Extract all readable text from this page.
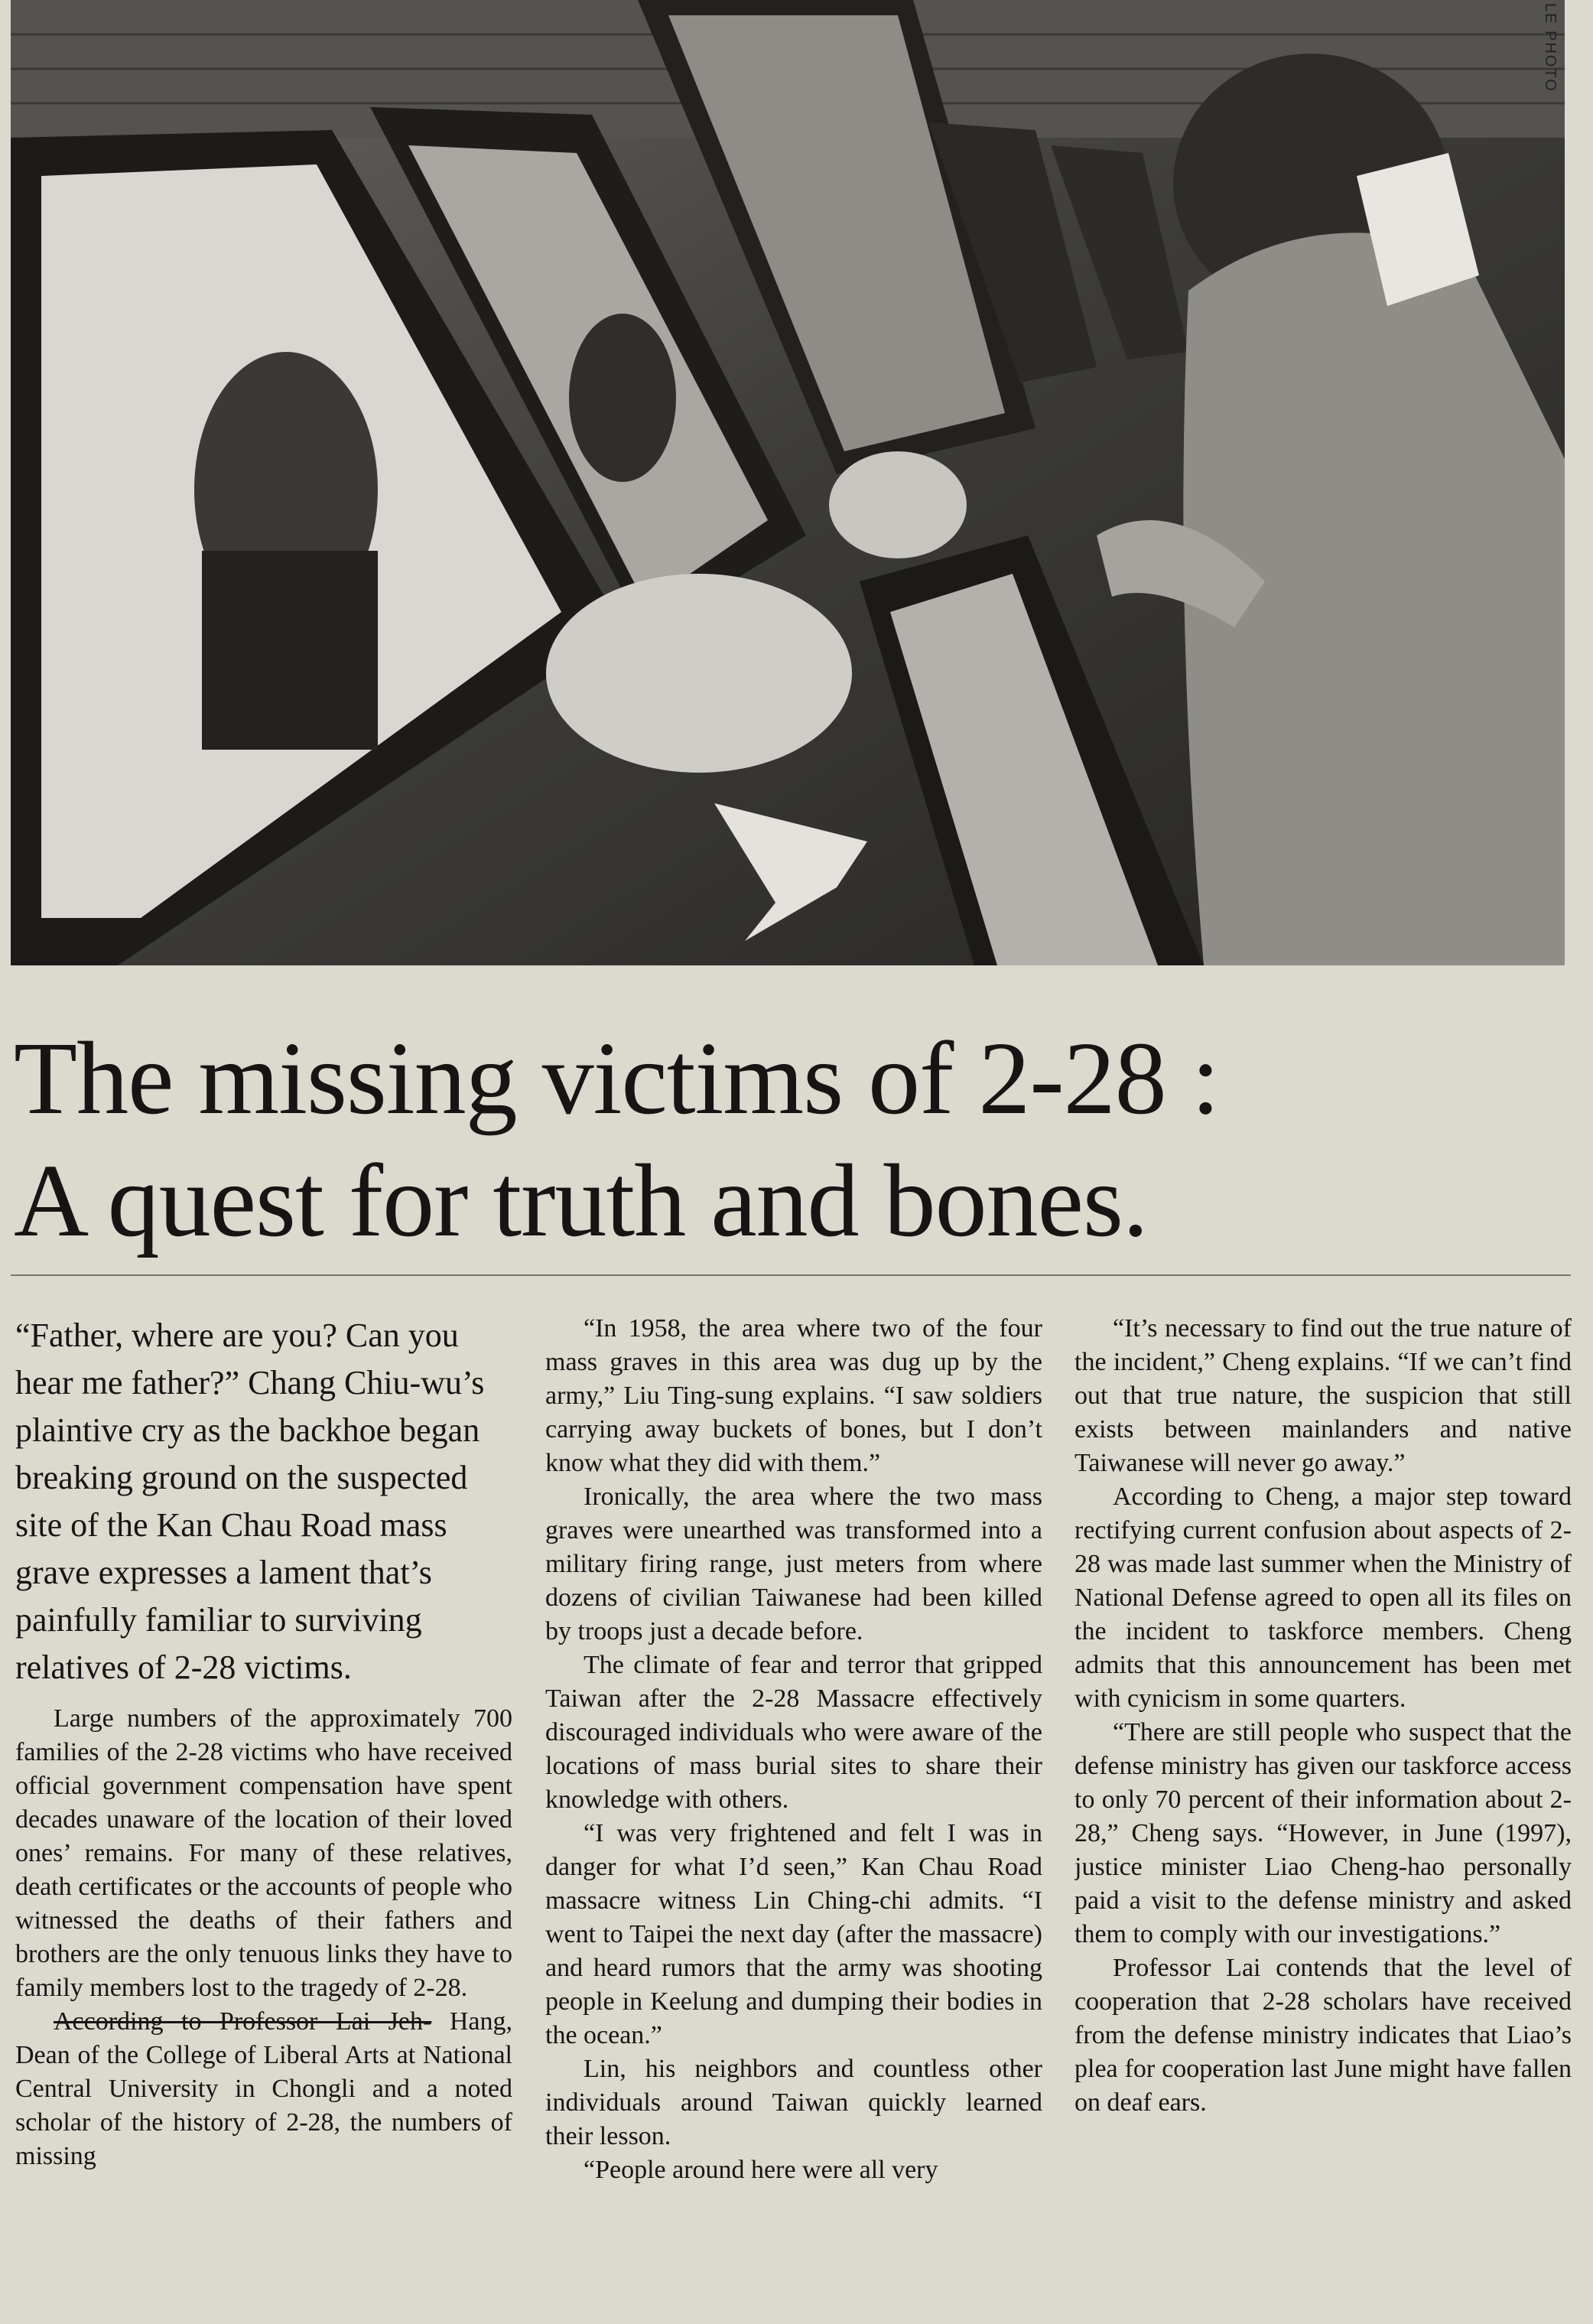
LE PHOTO
The missing victims of 2-28 :
A quest for truth and bones.

“Father, where are you? Can you hear me father?” Chang Chiu-wu’s plaintive cry as the backhoe began breaking ground on the suspected site of the Kan Chau Road mass grave expresses a lament that’s painfully familiar to surviving relatives of 2-28 victims.

Large numbers of the approximately 700 families of the 2-28 victims who have received official government compensation have spent decades unaware of the location of their loved ones’ remains. For many of these relatives, death certificates or the accounts of people who witnessed the deaths of their fathers and brothers are the only tenuous links they have to family members lost to the tragedy of 2-28.

According to Professor Lai Jeh- Hang, Dean of the College of Liberal Arts at National Central University in Chongli and a noted scholar of the history of 2-28, the numbers of missing

“In 1958, the area where two of the four mass graves in this area was dug up by the army,” Liu Ting-sung explains. “I saw soldiers carrying away buckets of bones, but I don’t know what they did with them.”

Ironically, the area where the two mass graves were unearthed was transformed into a military firing range, just meters from where dozens of civilian Taiwanese had been killed by troops just a decade before.

The climate of fear and terror that gripped Taiwan after the 2-28 Massacre effectively discouraged individuals who were aware of the locations of mass burial sites to share their knowledge with others.

“I was very frightened and felt I was in danger for what I’d seen,” Kan Chau Road massacre witness Lin Ching-chi admits. “I went to Taipei the next day (after the massacre) and heard rumors that the army was shooting people in Keelung and dumping their bodies in the ocean.”

Lin, his neighbors and countless other individuals around Taiwan quickly learned their lesson.

“People around here were all very

“It’s necessary to find out the true nature of the incident,” Cheng explains. “If we can’t find out that true nature, the suspicion that still exists between mainlanders and native Taiwanese will never go away.”

According to Cheng, a major step toward rectifying current confusion about aspects of 2-28 was made last summer when the Ministry of National Defense agreed to open all its files on the incident to taskforce members. Cheng admits that this announcement has been met with cynicism in some quarters.

“There are still people who suspect that the defense ministry has given our taskforce access to only 70 percent of their information about 2-28,” Cheng says. “However, in June (1997), justice minister Liao Cheng-hao personally paid a visit to the defense ministry and asked them to comply with our investigations.”

Professor Lai contends that the level of cooperation that 2-28 scholars have received from the defense ministry indicates that Liao’s plea for cooperation last June might have fallen on deaf ears.
